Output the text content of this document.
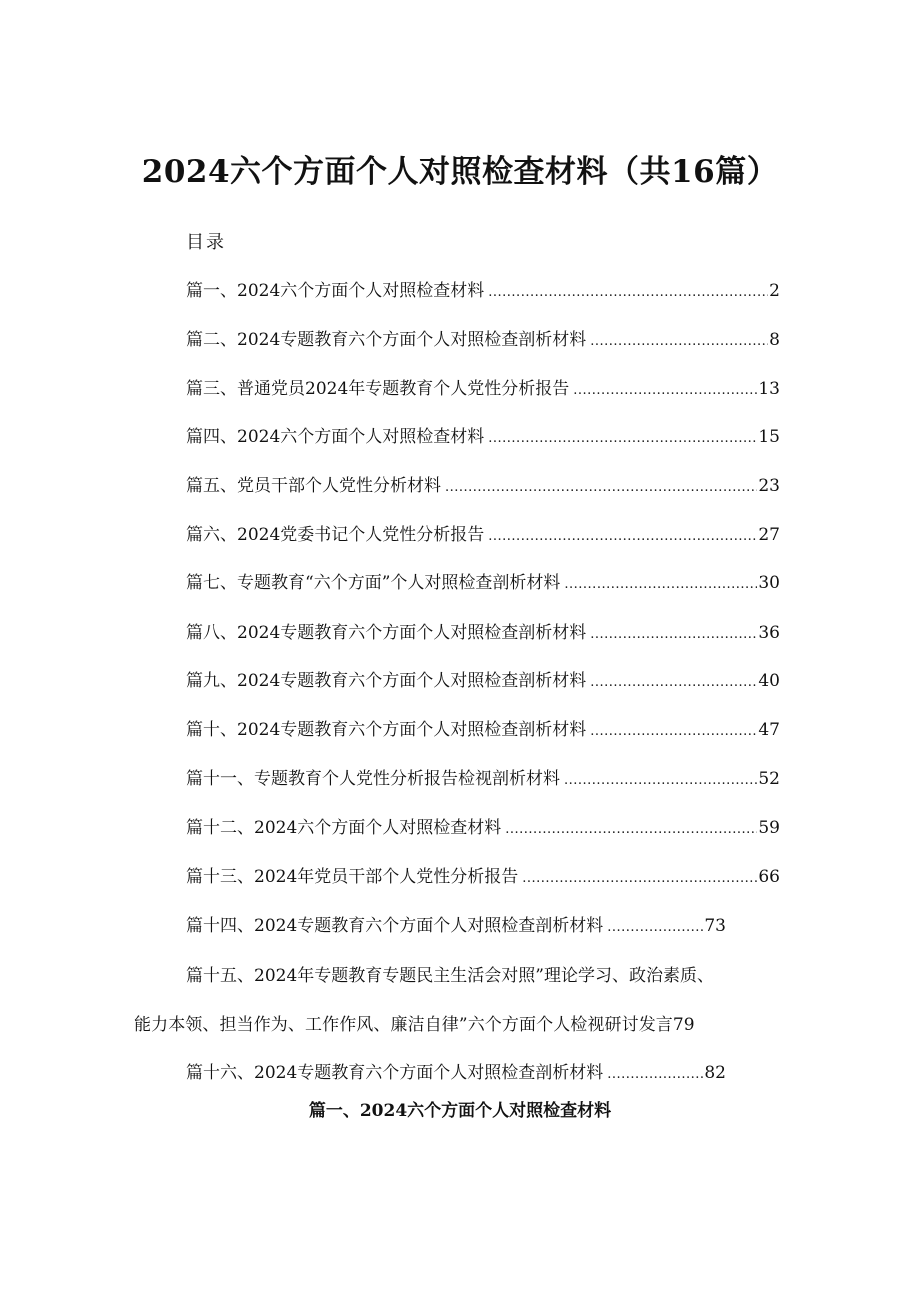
2024六个方面个人对照检查材料（共16篇）
目录
篇一、2024六个方面个人对照检查材料 .....	2
篇二、2024专题教育六个方面个人对照检查剖析材料 .....	8
篇三、普通党员2024年专题教育个人党性分析报告 .....	13
篇四、2024六个方面个人对照检查材料 .....	15
篇五、党员干部个人党性分析材料 .....	23
篇六、2024党委书记个人党性分析报告 .....	27
篇七、专题教育“六个方面”个人对照检查剖析材料 .....	30
篇八、2024专题教育六个方面个人对照检查剖析材料 .....	36
篇九、2024专题教育六个方面个人对照检查剖析材料 .....	40
篇十、2024专题教育六个方面个人对照检查剖析材料 .....	47
篇十一、专题教育个人党性分析报告检视剖析材料 .....	52
篇十二、2024六个方面个人对照检查材料 .....	59
篇十三、2024年党员干部个人党性分析报告 .....	66
篇十四、2024专题教育六个方面个人对照检查剖析材料 .....	73
篇十五、2024年专题教育专题民主生活会对照”理论学习、政治素质、
能力本领、担当作为、工作作风、廉洁自律”六个方面个人检视研讨发言79
篇十六、2024专题教育六个方面个人对照检查剖析材料 .....	82
篇一、2024六个方面个人对照检查材料
